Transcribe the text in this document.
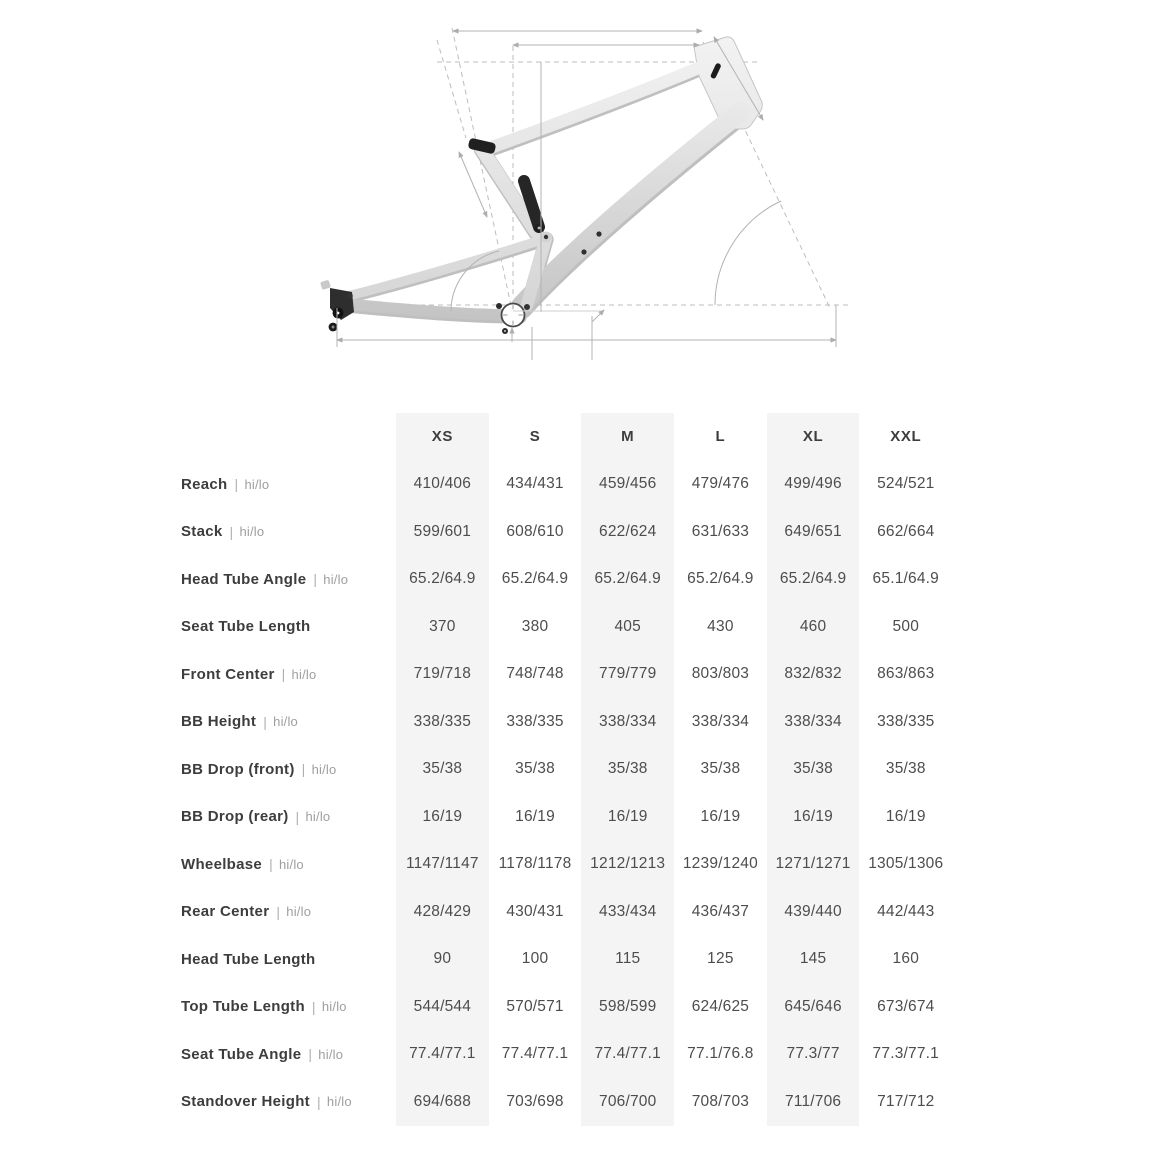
XS	S	M	L	XL	XXL
Reach | hi/lo	410/406	434/431	459/456	479/476	499/496	524/521
Stack | hi/lo	599/601	608/610	622/624	631/633	649/651	662/664
Head Tube Angle | hi/lo	65.2/64.9	65.2/64.9	65.2/64.9	65.2/64.9	65.2/64.9	65.1/64.9
Seat Tube Length	370	380	405	430	460	500
Front Center | hi/lo	719/718	748/748	779/779	803/803	832/832	863/863
BB Height | hi/lo	338/335	338/335	338/334	338/334	338/334	338/335
BB Drop (front) | hi/lo	35/38	35/38	35/38	35/38	35/38	35/38
BB Drop (rear) | hi/lo	16/19	16/19	16/19	16/19	16/19	16/19
Wheelbase | hi/lo	1147/1147	1178/1178	1212/1213	1239/1240	1271/1271	1305/1306
Rear Center | hi/lo	428/429	430/431	433/434	436/437	439/440	442/443
Head Tube Length	90	100	115	125	145	160
Top Tube Length | hi/lo	544/544	570/571	598/599	624/625	645/646	673/674
Seat Tube Angle | hi/lo	77.4/77.1	77.4/77.1	77.4/77.1	77.1/76.8	77.3/77	77.3/77.1
Standover Height | hi/lo	694/688	703/698	706/700	708/703	711/706	717/712
